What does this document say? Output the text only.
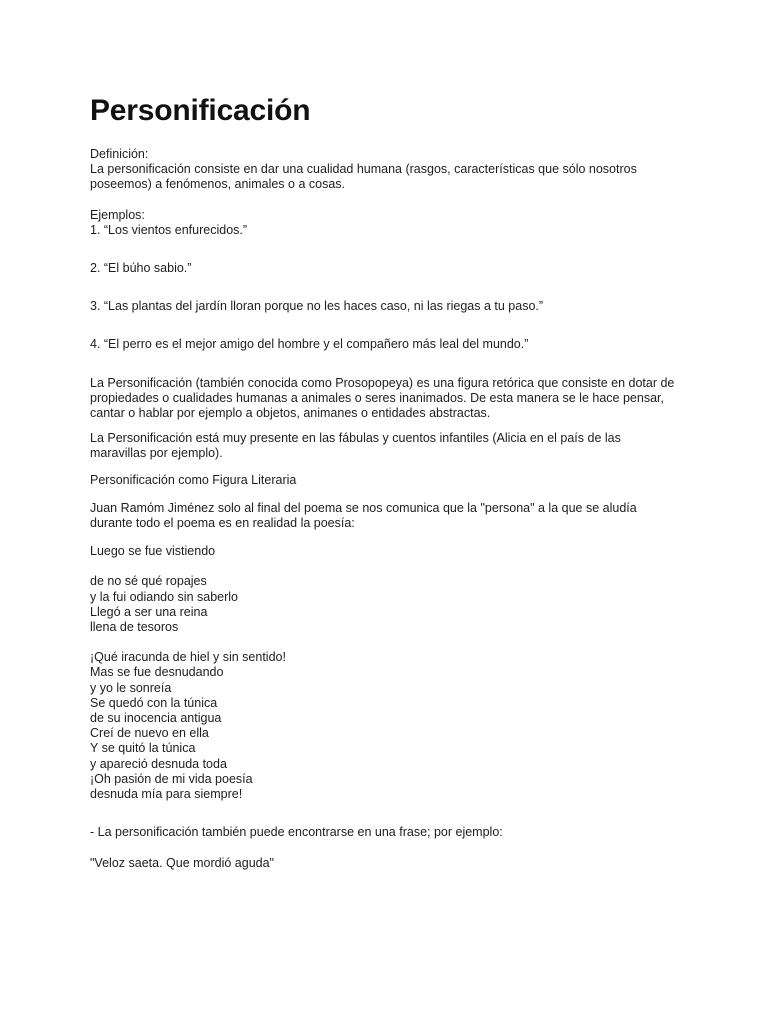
Personificación

Definición:

La personificación consiste en dar una cualidad humana (rasgos, características que sólo nosotros

poseemos) a fenómenos, animales o a cosas.

Ejemplos:

1. “Los vientos enfurecidos.”

2. “El búho sabio.”

3. “Las plantas del jardín lloran porque no les haces caso, ni las riegas a tu paso.”

4. “El perro es el mejor amigo del hombre y el compañero más leal del mundo.”

La Personificación (también conocida como Prosopopeya) es una figura retórica que consiste en dotar de

propiedades o cualidades humanas a animales o seres inanimados. De esta manera se le hace pensar,

cantar o hablar por ejemplo a objetos, animanes o entidades abstractas.

La Personificación está muy presente en las fábulas y cuentos infantiles (Alicia en el país de las

maravillas por ejemplo).

Personificación como Figura Literaria

Juan Ramóm Jiménez solo al final del poema se nos comunica que la "persona" a la que se aludía

durante todo el poema es en realidad la poesía:

Luego se fue vistiendo

de no sé qué ropajes

y la fui odiando sin saberlo

Llegó a ser una reina

llena de tesoros

¡Qué iracunda de hiel y sin sentido!

Mas se fue desnudando

y yo le sonreía

Se quedó con la túnica

de su inocencia antigua

Creí de nuevo en ella

Y se quitó la túnica

y apareció desnuda toda

¡Oh pasión de mi vida poesía

desnuda mía para siempre!

- La personificación también puede encontrarse en una frase; por ejemplo:

"Veloz saeta. Que mordió aguda"
